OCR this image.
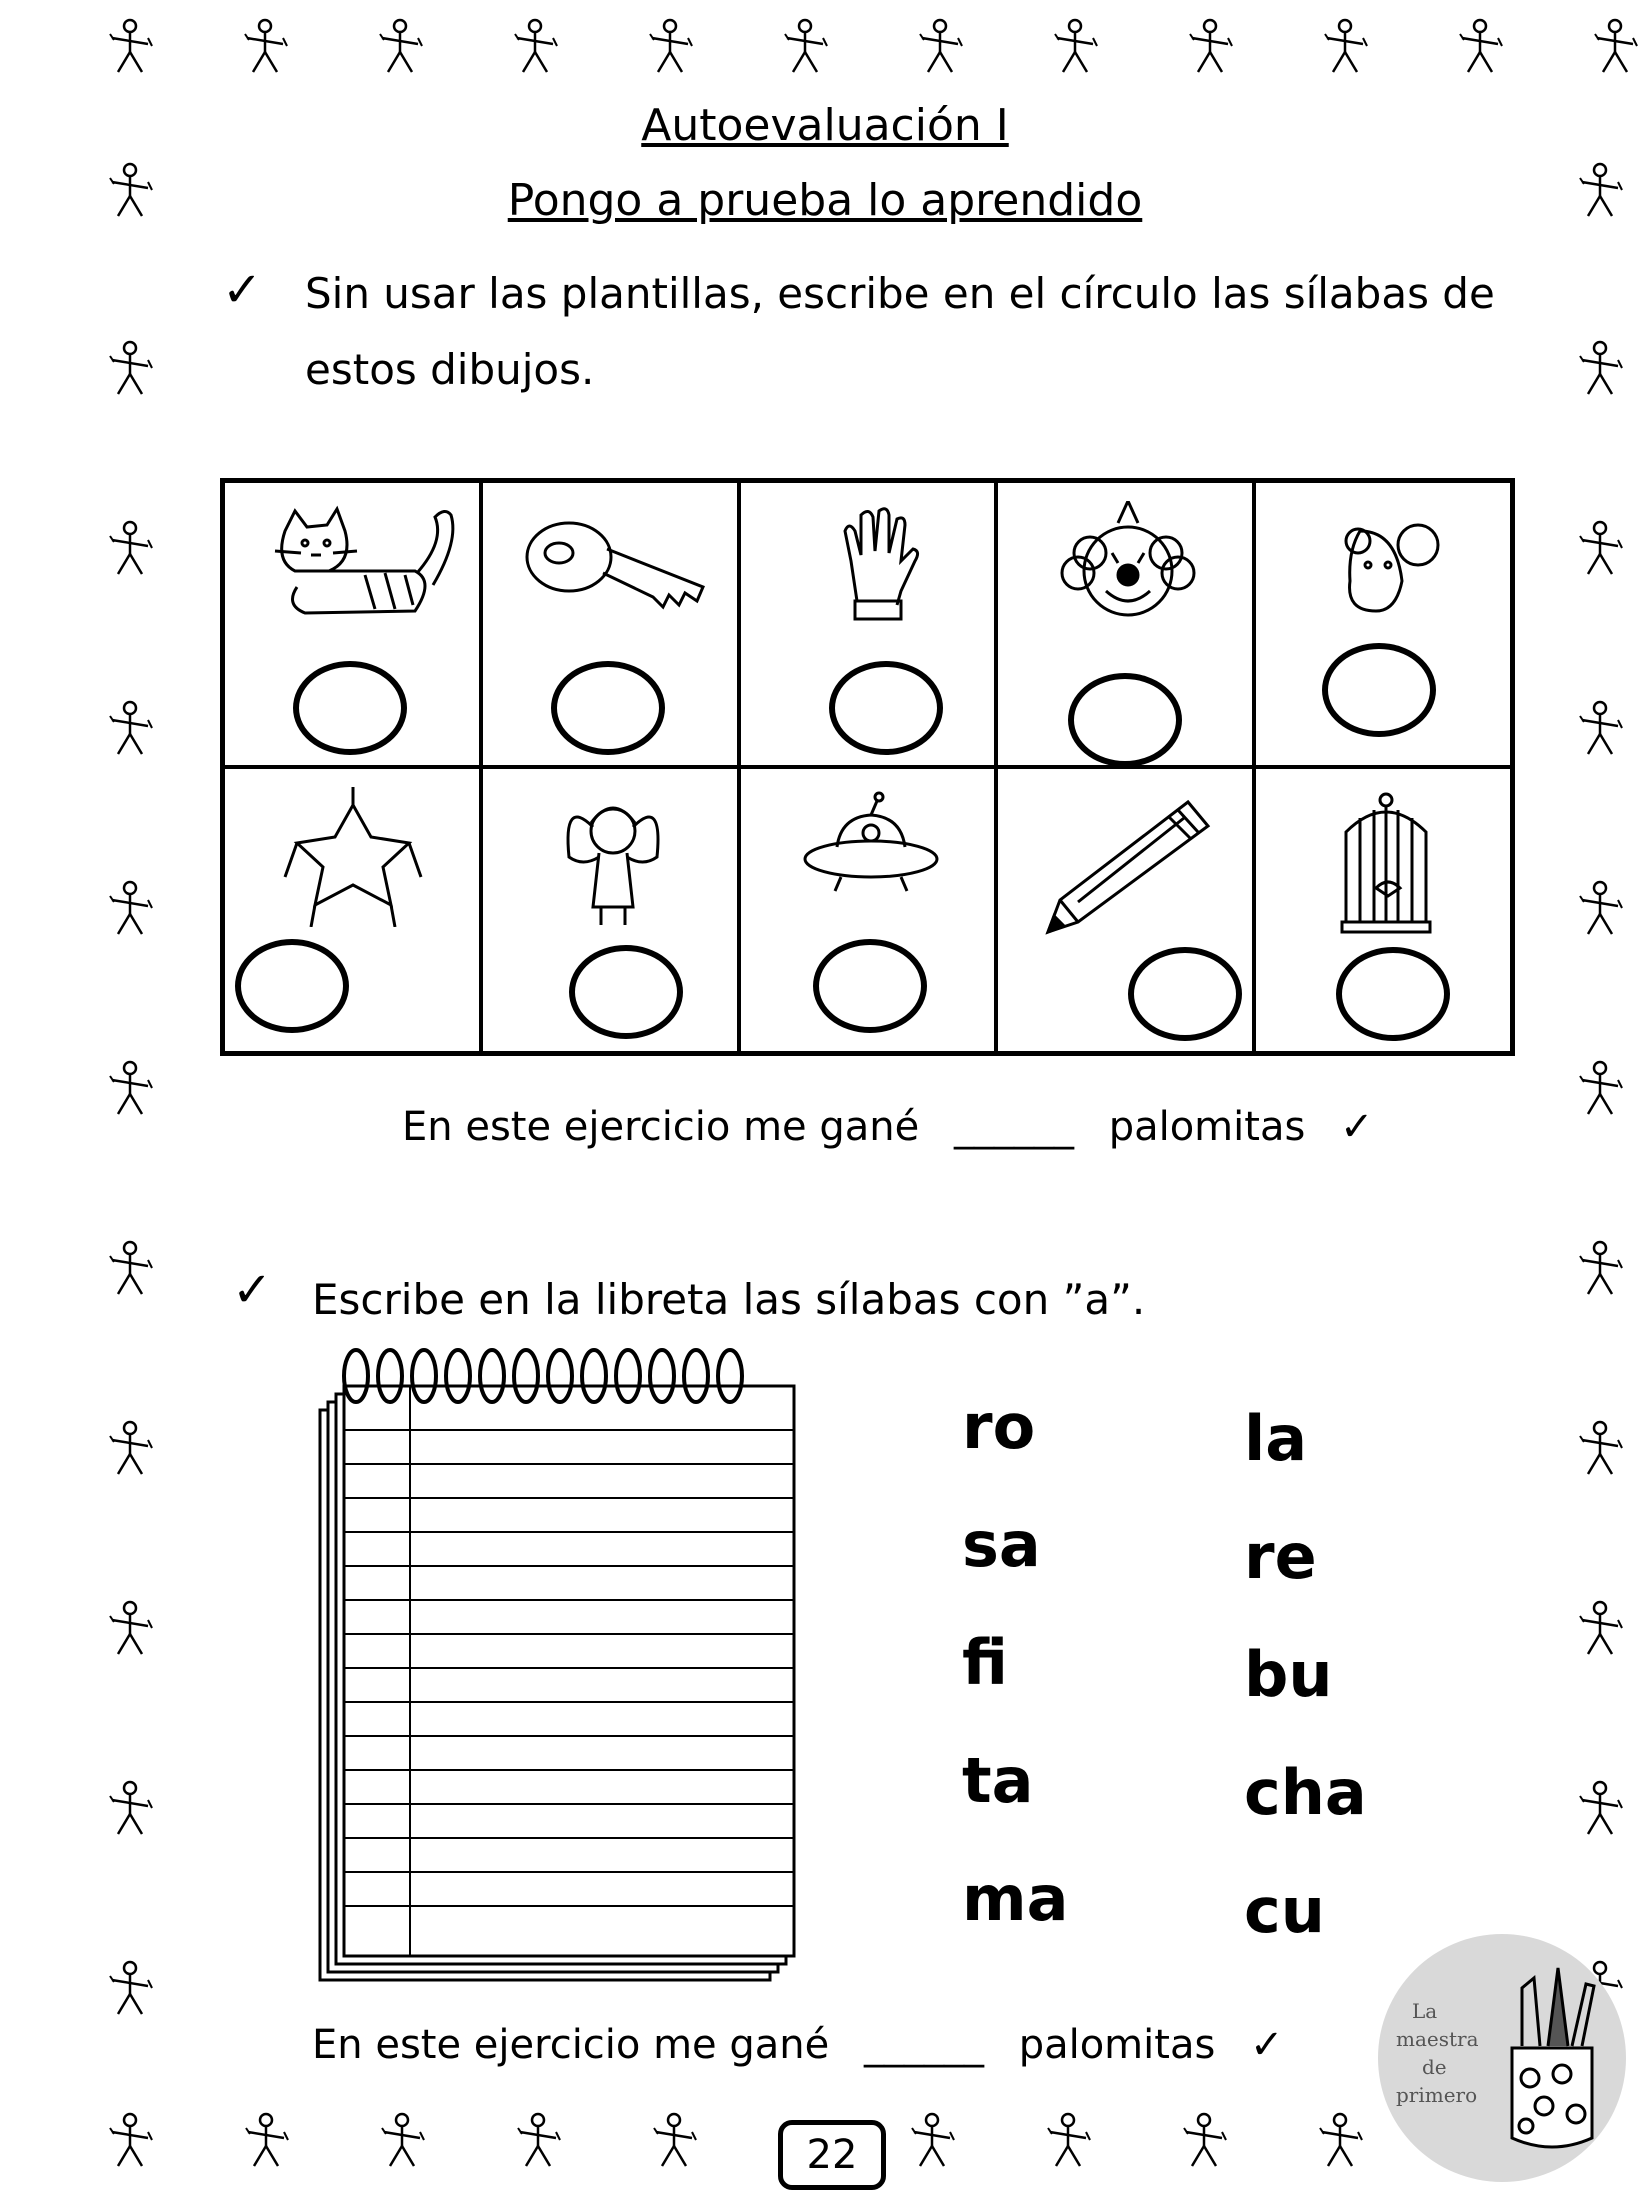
Autoevaluación I
Pongo a prueba lo aprendido
✓ Sin usar las plantillas, escribe en el círculo las sílabas de
estos dibujos.
En este ejercicio me gané ______ palomitas ✓
✓ Escribe en la libreta las sílabas con ”a”.
ro
sa
fi
ta
ma
la
re
bu
cha
cu
En este ejercicio me gané ______ palomitas ✓
22
La
maestra
de
primero
